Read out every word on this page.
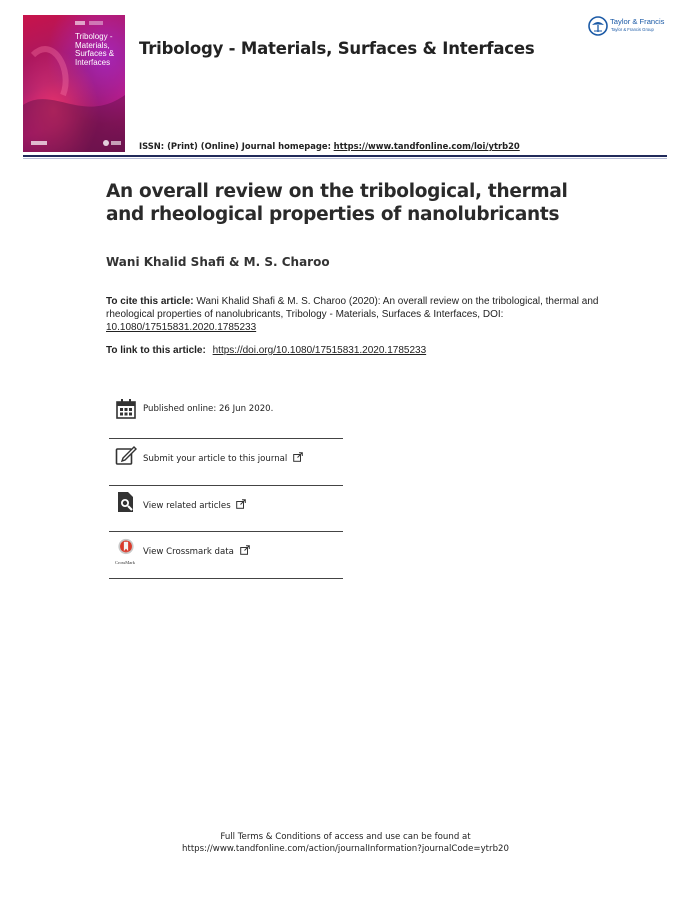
Tribology -
Materials,
Surfaces &
Interfaces
Tribology - Materials, Surfaces & Interfaces
ISSN: (Print) (Online) Journal homepage: https://www.tandfonline.com/loi/ytrb20
Taylor & Francis
Taylor & Francis Group
An overall review on the tribological, thermal and rheological properties of nanolubricants
Wani Khalid Shafi & M. S. Charoo
To cite this article: Wani Khalid Shafi & M. S. Charoo (2020): An overall review on the tribological, thermal and rheological properties of nanolubricants, Tribology - Materials, Surfaces & Interfaces, DOI: 10.1080/17515831.2020.1785233
To link to this article: https://doi.org/10.1080/17515831.2020.1785233
Published online: 26 Jun 2020.
Submit your article to this journal
View related articles
CrossMark
View Crossmark data
Full Terms & Conditions of access and use can be found at
https://www.tandfonline.com/action/journalInformation?journalCode=ytrb20
